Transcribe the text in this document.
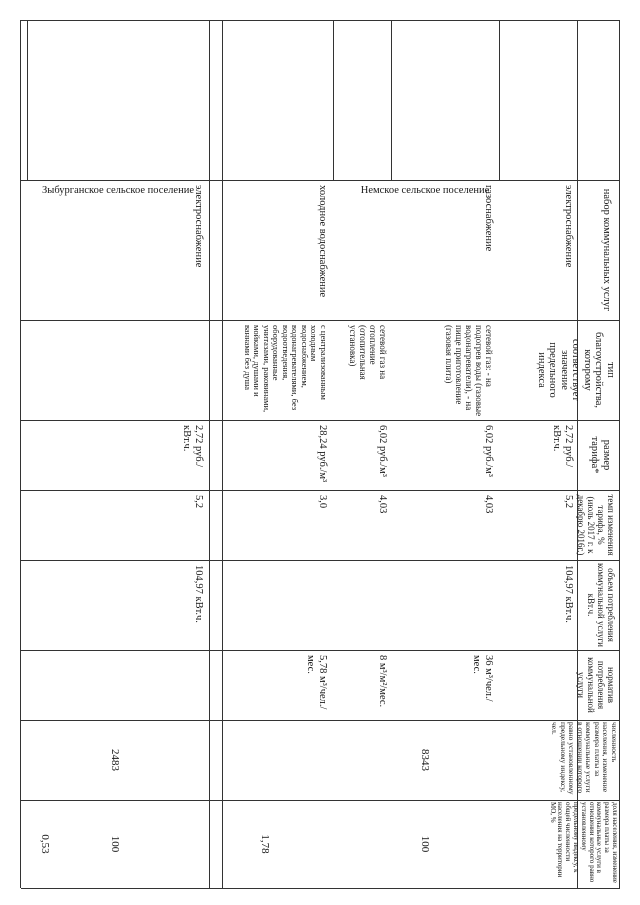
Немское сельское поселение	набор коммунальных услуг
тип благоустройства, которому соответствует значение предельного индекса
размер тарифа*
темп изменения тарифа, % (июль 2017 г. к декабрю 2016г.)
объем потребления коммунальной услуги кВт.ч.
норматив потребления коммунальной услуги
численность населения, изменение размера платы за коммунальные услуги в отношении которого равно установленному предельному индексу, чел.
доля населения, изменение размера платы за коммунальные услуги в отношении которого равно установленному предельному индексу, к общей численности населения на территории МО, %
электроснабжение
2,72 руб./кВт.ч.
5,2
104,97 кВт.ч.
газоснабжение
сетевой газ: - на подогрев воды (газовые водонагреватели), - на пище приготовление (газовая плита)
6,02 руб./м³
4,03
36 м³/чел./мес.
сетевой газ на отопление (отопительная установка)
6,02 руб./м³
4,03
8 м³/м²/мес.
холодное водоснабжение
с централизованным холодным водоснабжением, водонагревателями, без водоотведения, оборудованные унитазами, раковинами, мойками, душами и ваннами без душа
28,24 руб./м³
3,0
5,78 м³/чел./мес.
8343
100
1,78
Зыбурганское сельское поселение электроснабжение
2,72 руб./кВт.ч.
5,2
104,97 кВт.ч.
2483
100
0,53
